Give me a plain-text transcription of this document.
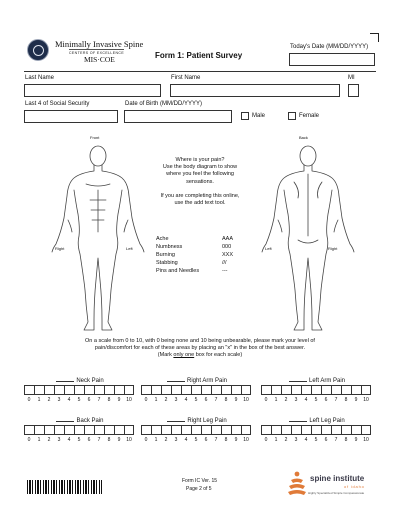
Minimally Invasive Spine
CENTERS OF EXCELLENCE
MIS·COE	Form 1: Patient Survey
Today's Date (MM/DD/YYYY)
Last Name	First Name	MI
Last 4 of Social Security	Date of Birth (MM/DD/YYYY)
Male	Female
Front	Back
Right	Left	Left	Right
Where is your pain?
Use the body diagram to show
where you feel the following
sensations.
If you are completing this online,
use the add text tool.
Ache	AAA
Numbness	000
Burning	XXX
Stabbing	///
Pins and Needles	---
On a scale from 0 to 10, with 0 being none and 10 being unbearable, please mark your level of
pain/discomfort for each of these areas by placing an "x" in the box of the best answer.
(Mark only one box for each scale)
Neck Pain
0	1	2	3	4	5	6	7	8	9	10
Right Arm Pain
0	1	2	3	4	5	6	7	8	9	10
Left Arm Pain
0	1	2	3	4	5	6	7	8	9	10
Back Pain
0	1	2	3	4	5	6	7	8	9	10
Right Leg Pain
0	1	2	3	4	5	6	7	8	9	10
Left Leg Pain
0	1	2	3	4	5	6	7	8	9	10
Form IC Ver. 15
Page 2 of 5
spine institute
of idaho
Highly Specialized Simple Compassionate
